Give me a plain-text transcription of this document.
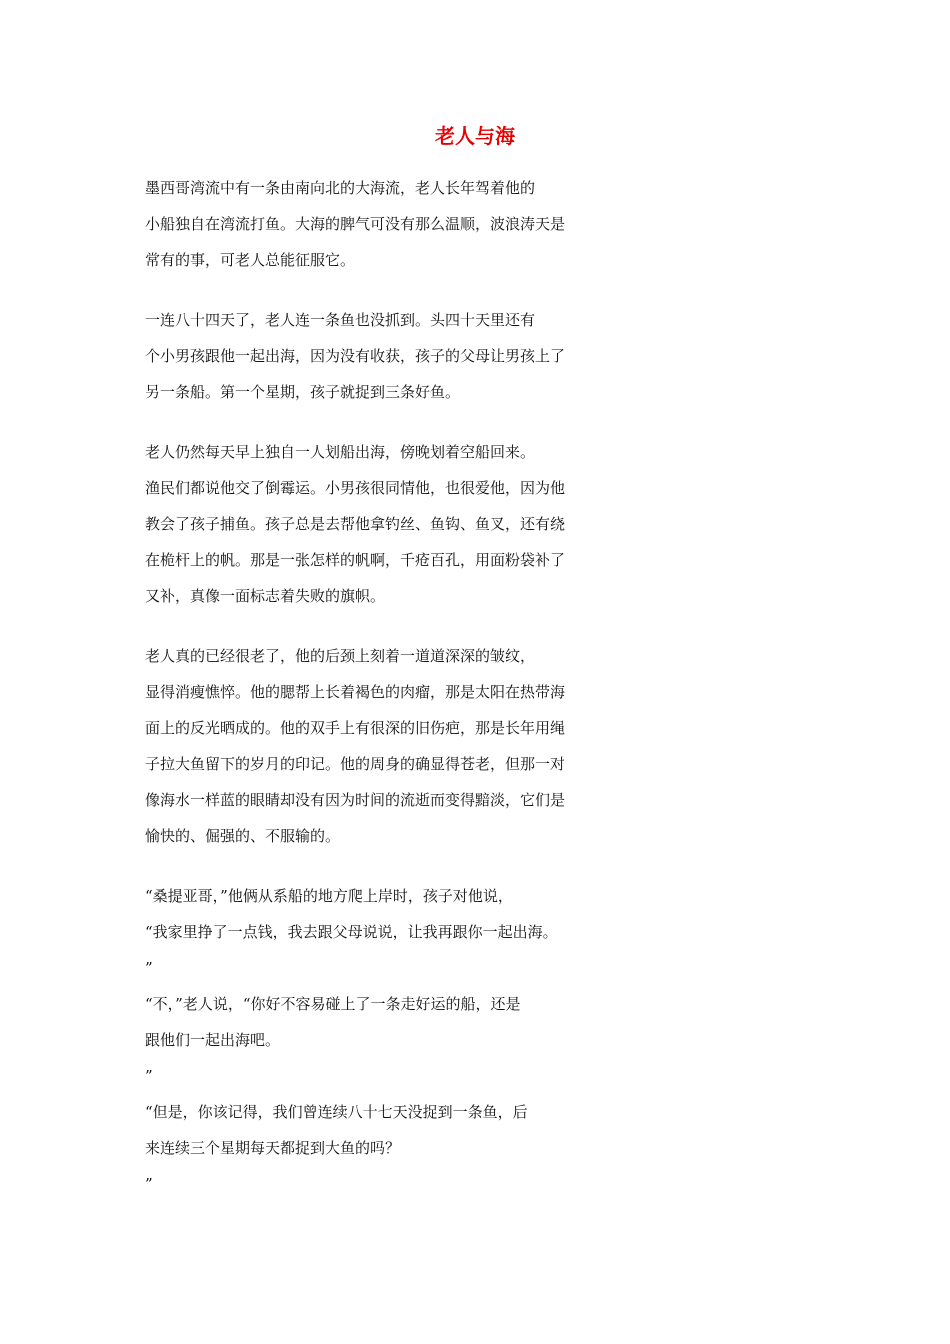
老人与海
墨西哥湾流中有一条由南向北的大海流，老人长年驾着他的
小船独自在湾流打鱼。大海的脾气可没有那么温顺，波浪涛天是
常有的事，可老人总能征服它。
一连八十四天了，老人连一条鱼也没抓到。头四十天里还有
个小男孩跟他一起出海，因为没有收获，孩子的父母让男孩上了
另一条船。第一个星期，孩子就捉到三条好鱼。
老人仍然每天早上独自一人划船出海，傍晚划着空船回来。
渔民们都说他交了倒霉运。小男孩很同情他，也很爱他，因为他
教会了孩子捕鱼。孩子总是去帮他拿钓丝、鱼钩、鱼叉，还有绕
在桅杆上的帆。那是一张怎样的帆啊，千疮百孔，用面粉袋补了
又补，真像一面标志着失败的旗帜。
老人真的已经很老了，他的后颈上刻着一道道深深的皱纹，
显得消瘦憔悴。他的腮帮上长着褐色的肉瘤，那是太阳在热带海
面上的反光晒成的。他的双手上有很深的旧伤疤，那是长年用绳
子拉大鱼留下的岁月的印记。他的周身的确显得苍老，但那一对
像海水一样蓝的眼睛却没有因为时间的流逝而变得黯淡，它们是
愉快的、倔强的、不服输的。
“桑提亚哥，”他俩从系船的地方爬上岸时，孩子对他说，
“我家里挣了一点钱，我去跟父母说说，让我再跟你一起出海。
”
“不，”老人说，“你好不容易碰上了一条走好运的船，还是
跟他们一起出海吧。
”
“但是，你该记得，我们曾连续八十七天没捉到一条鱼，后
来连续三个星期每天都捉到大鱼的吗？
”
